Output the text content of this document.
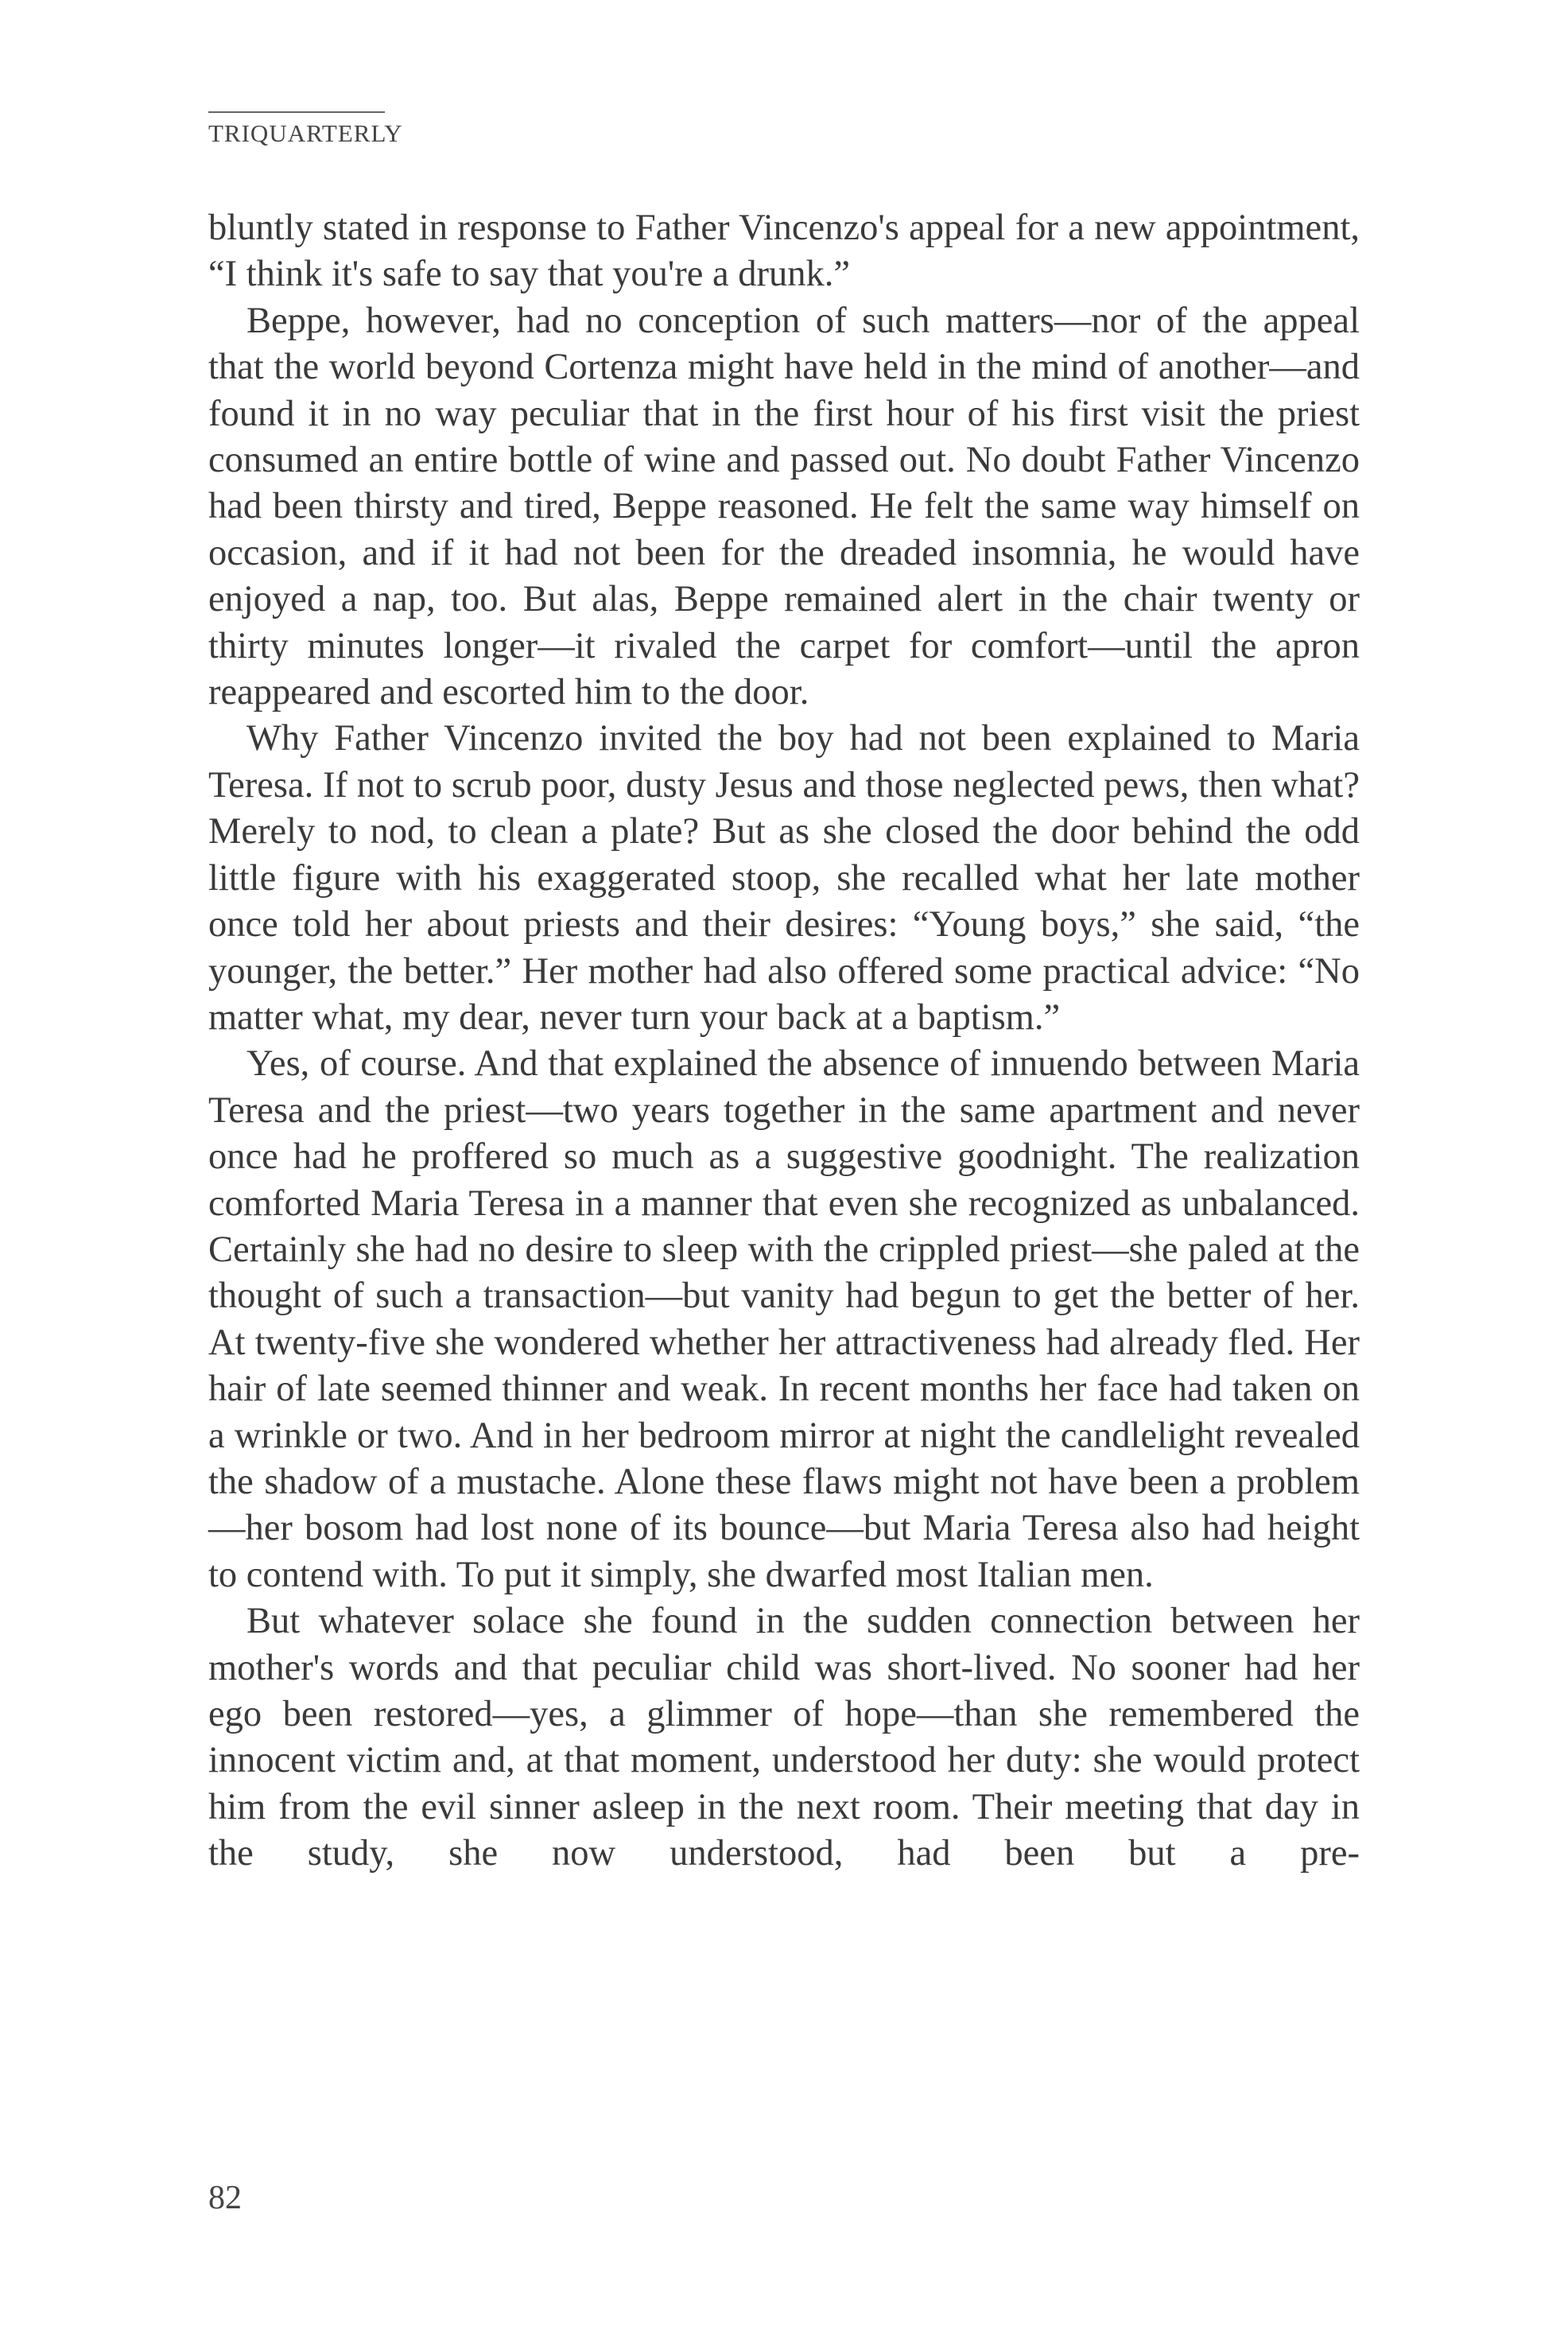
TRIQUARTERLY

bluntly stated in response to Father Vincenzo's appeal for a new appointment, “I think it's safe to say that you're a drunk.”

Beppe, however, had no conception of such matters—nor of the appeal that the world beyond Cortenza might have held in the mind of another—and found it in no way peculiar that in the first hour of his first visit the priest consumed an entire bottle of wine and passed out. No doubt Father Vincenzo had been thirsty and tired, Beppe reasoned. He felt the same way himself on occasion, and if it had not been for the dreaded insomnia, he would have enjoyed a nap, too. But alas, Beppe remained alert in the chair twenty or thirty minutes longer—it rivaled the carpet for comfort—until the apron reappeared and escorted him to the door.

Why Father Vincenzo invited the boy had not been explained to Maria Teresa. If not to scrub poor, dusty Jesus and those neglected pews, then what? Merely to nod, to clean a plate? But as she closed the door behind the odd little figure with his exaggerated stoop, she recalled what her late mother once told her about priests and their desires: “Young boys,” she said, “the younger, the better.” Her mother had also offered some practical advice: “No matter what, my dear, never turn your back at a baptism.”

Yes, of course. And that explained the absence of innuendo between Maria Teresa and the priest—two years together in the same apartment and never once had he proffered so much as a suggestive goodnight. The realization comforted Maria Teresa in a manner that even she recognized as unbalanced. Certainly she had no desire to sleep with the crippled priest—she paled at the thought of such a transaction—but vanity had begun to get the better of her. At twenty-five she wondered whether her attractiveness had already fled. Her hair of late seemed thinner and weak. In recent months her face had taken on a wrinkle or two. And in her bedroom mirror at night the candlelight revealed the shadow of a mustache. Alone these flaws might not have been a problem—her bosom had lost none of its bounce—but Maria Teresa also had height to contend with. To put it simply, she dwarfed most Italian men.

But whatever solace she found in the sudden connection between her mother's words and that peculiar child was short-lived. No sooner had her ego been restored—yes, a glimmer of hope—than she remembered the innocent victim and, at that moment, understood her duty: she would protect him from the evil sinner asleep in the next room. Their meeting that day in the study, she now understood, had been but a pre-

82
